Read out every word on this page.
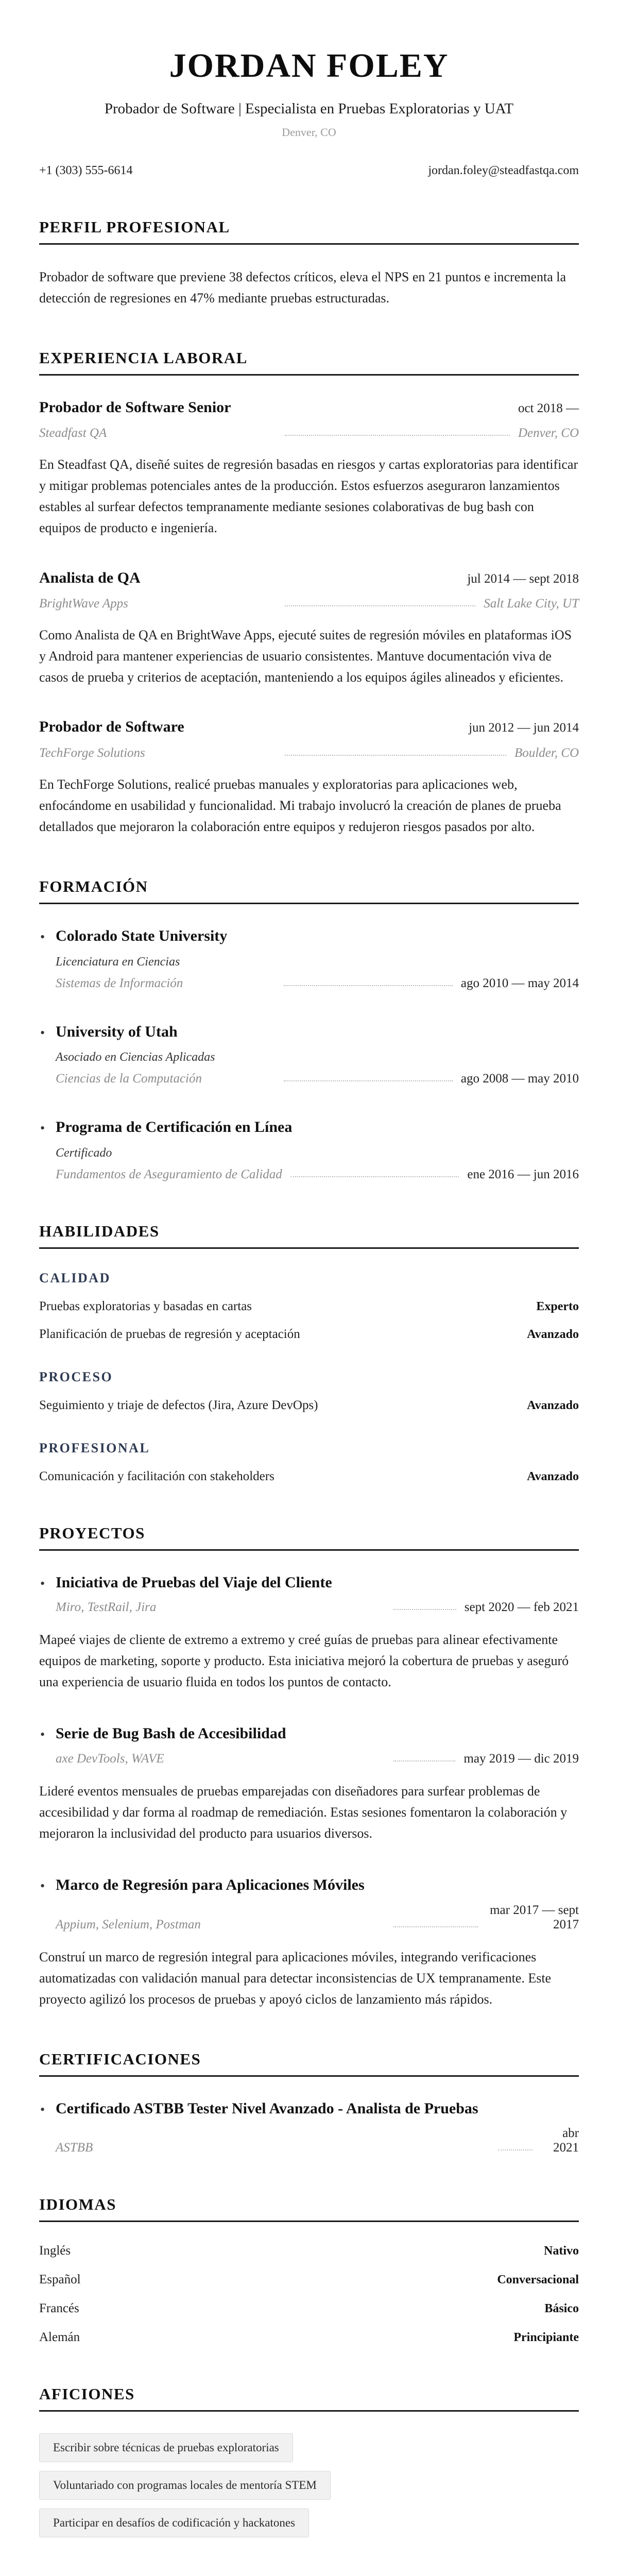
JORDAN FOLEY
Probador de Software | Especialista en Pruebas Exploratorias y UAT
Denver, CO
+1 (303) 555-6614	jordan.foley@steadfastqa.com
PERFIL PROFESIONAL

Probador de software que previene 38 defectos críticos, eleva el NPS en 21 puntos e incrementa la detección de regresiones en 47% mediante pruebas estructuradas.

EXPERIENCIA LABORAL
Probador de Software Senior	oct 2018 —
Steadfast QA	Denver, CO

En Steadfast QA, diseñé suites de regresión basadas en riesgos y cartas exploratorias para identificar y mitigar problemas potenciales antes de la producción. Estos esfuerzos aseguraron lanzamientos estables al surfear defectos tempranamente mediante sesiones colaborativas de bug bash con equipos de producto e ingeniería.

Analista de QA	jul 2014 — sept 2018
BrightWave Apps	Salt Lake City, UT

Como Analista de QA en BrightWave Apps, ejecuté suites de regresión móviles en plataformas iOS y Android para mantener experiencias de usuario consistentes. Mantuve documentación viva de casos de prueba y criterios de aceptación, manteniendo a los equipos ágiles alineados y eficientes.

Probador de Software	jun 2012 — jun 2014
TechForge Solutions	Boulder, CO

En TechForge Solutions, realicé pruebas manuales y exploratorias para aplicaciones web, enfocándome en usabilidad y funcionalidad. Mi trabajo involucró la creación de planes de prueba detallados que mejoraron la colaboración entre equipos y redujeron riesgos pasados por alto.

FORMACIÓN
• Colorado State University
Licenciatura en Ciencias
Sistemas de Información	ago 2010 — may 2014
• University of Utah
Asociado en Ciencias Aplicadas
Ciencias de la Computación	ago 2008 — may 2010
• Programa de Certificación en Línea
Certificado
Fundamentos de Aseguramiento de Calidad	ene 2016 — jun 2016
HABILIDADES
CALIDAD
Pruebas exploratorias y basadas en cartas	Experto
Planificación de pruebas de regresión y aceptación	Avanzado
PROCESO
Seguimiento y triaje de defectos (Jira, Azure DevOps)	Avanzado
PROFESIONAL
Comunicación y facilitación con stakeholders	Avanzado
PROYECTOS
• Iniciativa de Pruebas del Viaje del Cliente
Miro, TestRail, Jira	sept 2020 — feb 2021

Mapeé viajes de cliente de extremo a extremo y creé guías de pruebas para alinear efectivamente equipos de marketing, soporte y producto. Esta iniciativa mejoró la cobertura de pruebas y aseguró una experiencia de usuario fluida en todos los puntos de contacto.

• Serie de Bug Bash de Accesibilidad
axe DevTools, WAVE	may 2019 — dic 2019

Lideré eventos mensuales de pruebas emparejadas con diseñadores para surfear problemas de accesibilidad y dar forma al roadmap de remediación. Estas sesiones fomentaron la colaboración y mejoraron la inclusividad del producto para usuarios diversos.

• Marco de Regresión para Aplicaciones Móviles
Appium, Selenium, Postman
mar 2017 — sept 2017

Construí un marco de regresión integral para aplicaciones móviles, integrando verificaciones automatizadas con validación manual para detectar inconsistencias de UX tempranamente. Este proyecto agilizó los procesos de pruebas y apoyó ciclos de lanzamiento más rápidos.

CERTIFICACIONES
• Certificado ASTBB Tester Nivel Avanzado - Analista de Pruebas
ASTBB
abr 2021
IDIOMAS
Inglés	Nativo
Español	Conversacional
Francés	Básico
Alemán	Principiante
AFICIONES
Escribir sobre técnicas de pruebas exploratorias
Voluntariado con programas locales de mentoría STEM
Participar en desafíos de codificación y hackatones
